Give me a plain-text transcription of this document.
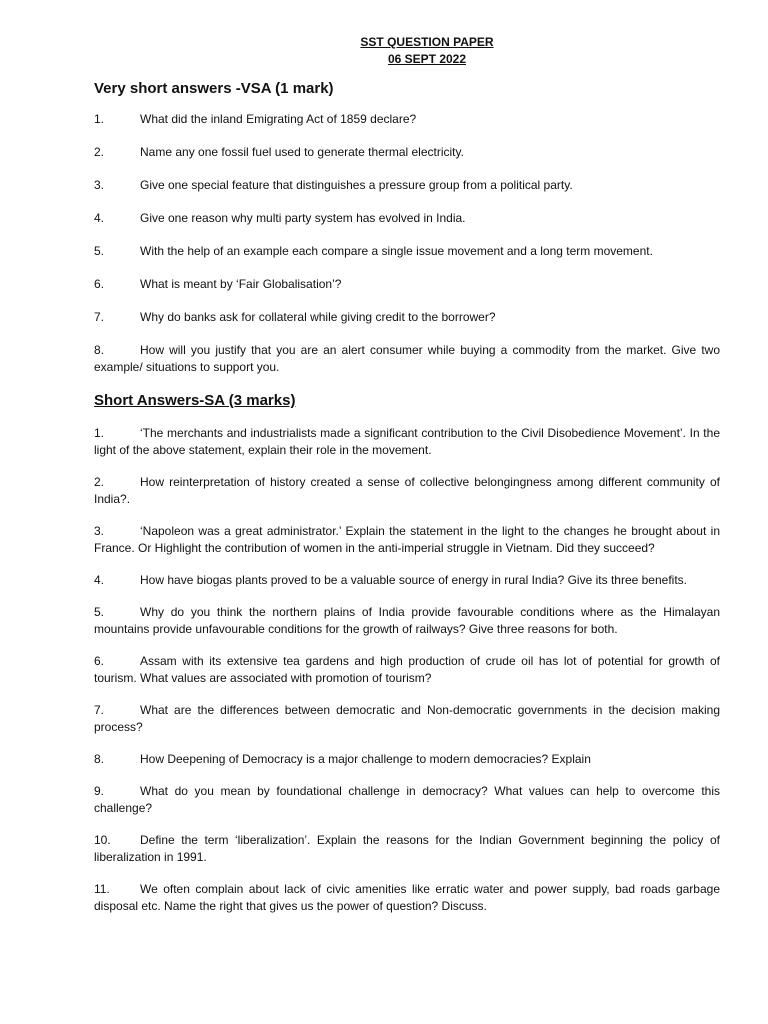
SST QUESTION PAPER
06 SEPT 2022

Very short answers -VSA (1 mark)

1.	What did the inland Emigrating Act of 1859 declare?

2.	Name any one fossil fuel used to generate thermal electricity.

3.	Give one special feature that distinguishes a pressure group from a political party.

4.	Give one reason why multi party system has evolved in India.

5.	With the help of an example each compare a single issue movement and a long term movement.

6.	What is meant by ‘Fair Globalisation’?

7.	Why do banks ask for collateral while giving credit to the borrower?

8.	How will you justify that you are an alert consumer while buying a commodity from the market. Give two example/ situations to support you.

Short Answers-SA (3 marks)

1.	‘The merchants and industrialists made a significant contribution to the Civil Disobedience Movement’. In the light of the above statement, explain their role in the movement.

2.	How reinterpretation of history created a sense of collective belongingness among different community of India?.

3.	‘Napoleon was a great administrator.’ Explain the statement in the light to the changes he brought about in France. Or Highlight the contribution of women in the anti-imperial struggle in Vietnam. Did they succeed?

4.	How have biogas plants proved to be a valuable source of energy in rural India? Give its three benefits.

5.	Why do you think the northern plains of India provide favourable conditions where as the Himalayan mountains provide unfavourable conditions for the growth of railways? Give three reasons for both.

6.	Assam with its extensive tea gardens and high production of crude oil has lot of potential for growth of tourism. What values are associated with promotion of tourism?

7.	What are the differences between democratic and Non-democratic governments in the decision making process?

8.	How Deepening of Democracy is a major challenge to modern democracies? Explain

9.	What do you mean by foundational challenge in democracy? What values can help to overcome this challenge?

10. Define the term ‘liberalization’. Explain the reasons for the Indian Government beginning the policy of liberalization in 1991.

11.	We often complain about lack of civic amenities like erratic water and power supply, bad roads garbage disposal etc. Name the right that gives us the power of question? Discuss.
